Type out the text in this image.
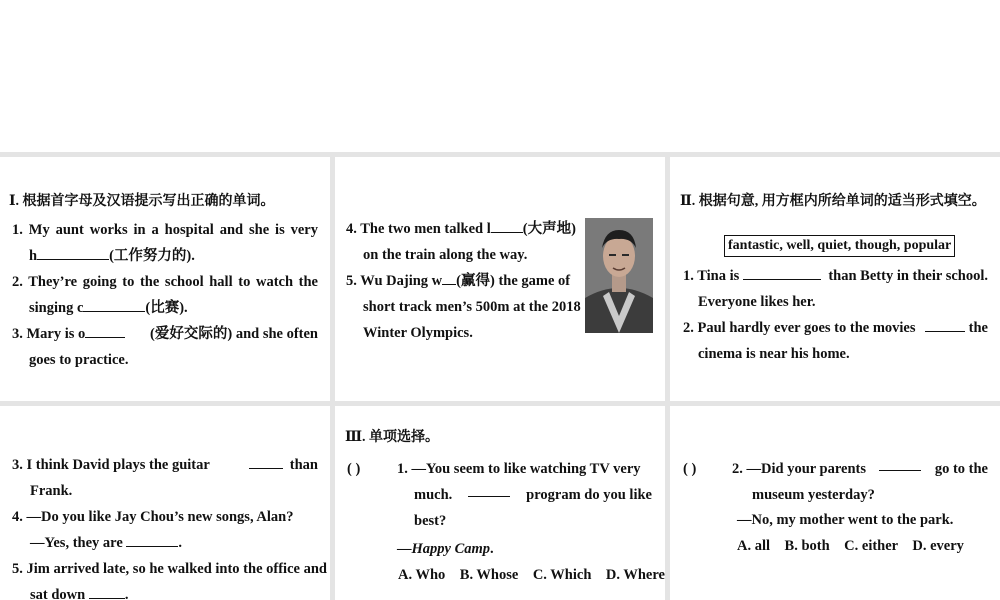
Ⅰ. 根据首字母及汉语提示写出正确的单词。
1. My aunt works in a hospital and she is very
h	(工作努力的).
2. They’re going to the school hall to watch the
singing c	(比赛).
3. Mary is o	(爱好交际的) and she often
goes to practice.
4. The two men talked l (大声地)
on the train along the way.
5. Wu Dajing w (赢得) the game of
short track men’s 500m at the 2018
Winter Olympics.
Ⅱ. 根据句意, 用方框内所给单词的适当形式填空。
fantastic, well, quiet, though, popular
1. Tina is	than Betty in their school.
Everyone likes her.
2. Paul hardly ever goes to the movies	the
cinema is near his home.
3. I think David plays the guitar	than
Frank.
4. —Do you like Jay Chou’s new songs, Alan?
—Yes, they are	.
5. Jim arrived late, so he walked into the office and
sat down	.
Ⅲ. 单项选择。
( )	1. —You seem to like watching TV very
much.	program do you like
best?
—Happy Camp.
A. Who    B. Whose    C. Which    D. Where
( ) 2. —Did your parents	go to the
museum yesterday?
—No, my mother went to the park.
A. all    B. both    C. either    D. every
